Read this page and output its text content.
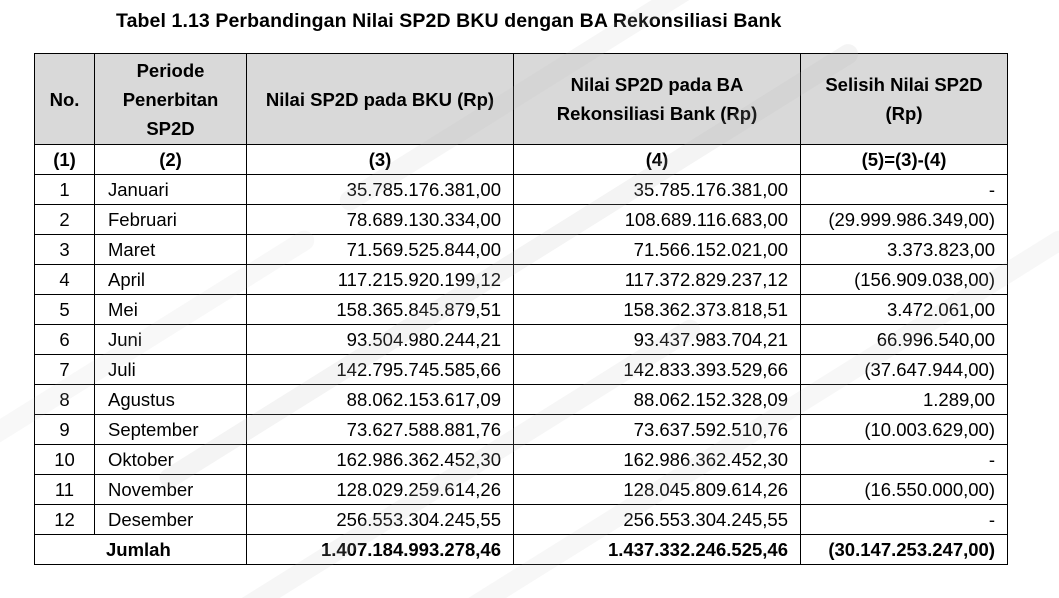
Tabel 1.13 Perbandingan Nilai SP2D BKU dengan BA Rekonsiliasi Bank
No.	Periode Penerbitan SP2D	Nilai SP2D pada BKU (Rp)	Nilai SP2D pada BA Rekonsiliasi Bank (Rp)	Selisih Nilai SP2D (Rp)
(1)	(2)	(3)	(4)	(5)=(3)-(4)
1	Januari	35.785.176.381,00	35.785.176.381,00	-
2	Februari	78.689.130.334,00	108.689.116.683,00	(29.999.986.349,00)
3	Maret	71.569.525.844,00	71.566.152.021,00	3.373.823,00
4	April	117.215.920.199,12	117.372.829.237,12	(156.909.038,00)
5	Mei	158.365.845.879,51	158.362.373.818,51	3.472.061,00
6	Juni	93.504.980.244,21	93.437.983.704,21	66.996.540,00
7	Juli	142.795.745.585,66	142.833.393.529,66	(37.647.944,00)
8	Agustus	88.062.153.617,09	88.062.152.328,09	1.289,00
9	September	73.627.588.881,76	73.637.592.510,76	(10.003.629,00)
10	Oktober	162.986.362.452,30	162.986.362.452,30	-
11	November	128.029.259.614,26	128.045.809.614,26	(16.550.000,00)
12	Desember	256.553.304.245,55	256.553.304.245,55	-
Jumlah		1.407.184.993.278,46	1.437.332.246.525,46	(30.147.253.247,00)
